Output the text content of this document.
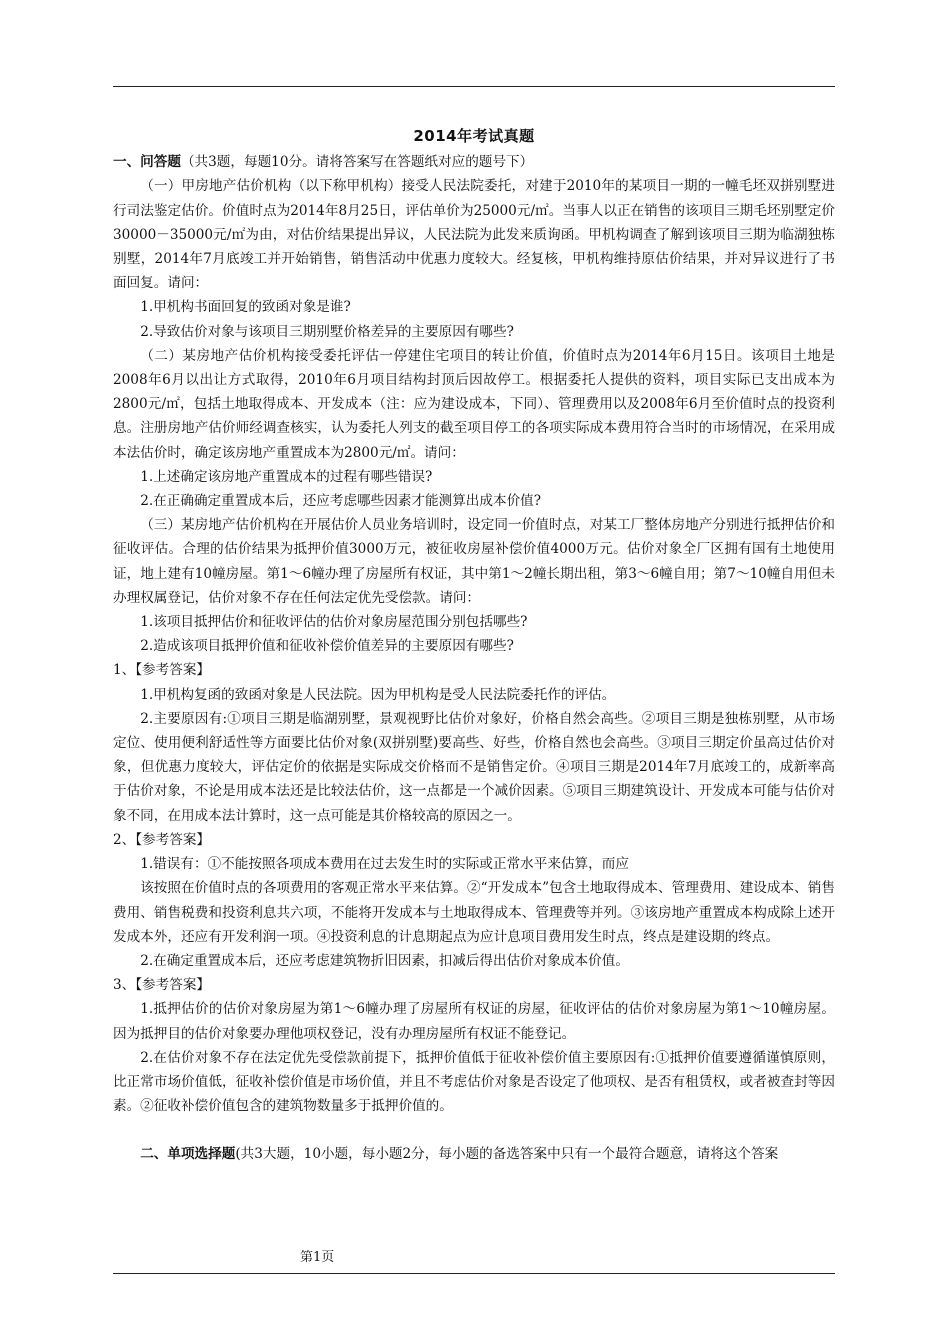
2014年考试真题

一、问答题（共3题，每题10分。请将答案写在答题纸对应的题号下）

（一）甲房地产估价机构（以下称甲机构）接受人民法院委托，对建于2010年的某项目一期的一幢毛坯双拼别墅进行司法鉴定估价。价值时点为2014年8月25日，评估单价为25000元/㎡。当事人以正在销售的该项目三期毛坯别墅定价30000－35000元/㎡为由，对估价结果提出异议，人民法院为此发来质询函。甲机构调查了解到该项目三期为临湖独栋别墅，2014年7月底竣工并开始销售，销售活动中优惠力度较大。经复核，甲机构维持原估价结果，并对异议进行了书面回复。请问：

1.甲机构书面回复的致函对象是谁?

2.导致估价对象与该项目三期别墅价格差异的主要原因有哪些?

（二）某房地产估价机构接受委托评估一停建住宅项目的转让价值，价值时点为2014年6月15日。该项目土地是2008年6月以出让方式取得，2010年6月项目结构封顶后因故停工。根据委托人提供的资料，项目实际已支出成本为2800元/㎡，包括土地取得成本、开发成本（注：应为建设成本，下同）、管理费用以及2008年6月至价值时点的投资利息。注册房地产估价师经调查核实，认为委托人列支的截至项目停工的各项实际成本费用符合当时的市场情况，在采用成本法估价时，确定该房地产重置成本为2800元/㎡。请问：

1.上述确定该房地产重置成本的过程有哪些错误?

2.在正确确定重置成本后，还应考虑哪些因素才能测算出成本价值?

（三）某房地产估价机构在开展估价人员业务培训时，设定同一价值时点，对某工厂整体房地产分别进行抵押估价和征收评估。合理的估价结果为抵押价值3000万元，被征收房屋补偿价值4000万元。估价对象全厂区拥有国有土地使用证，地上建有10幢房屋。第1～6幢办理了房屋所有权证，其中第1～2幢长期出租，第3～6幢自用；第7～10幢自用但未办理权属登记，估价对象不存在任何法定优先受偿款。请问：

1.该项目抵押估价和征收评估的估价对象房屋范围分别包括哪些?

2.造成该项目抵押价值和征收补偿价值差异的主要原因有哪些?

1、【参考答案】

1.甲机构复函的致函对象是人民法院。因为甲机构是受人民法院委托作的评估。

2.主要原因有:①项目三期是临湖别墅，景观视野比估价对象好，价格自然会高些。②项目三期是独栋别墅，从市场定位、使用便利舒适性等方面要比估价对象(双拼别墅)要高些、好些，价格自然也会高些。③项目三期定价虽高过估价对象，但优惠力度较大，评估定价的依据是实际成交价格而不是销售定价。④项目三期是2014年7月底竣工的，成新率高于估价对象，不论是用成本法还是比较法估价，这一点都是一个减价因素。⑤项目三期建筑设计、开发成本可能与估价对象不同，在用成本法计算时，这一点可能是其价格较高的原因之一。

2、【参考答案】

1.错误有：①不能按照各项成本费用在过去发生时的实际或正常水平来估算，而应

该按照在价值时点的各项费用的客观正常水平来估算。②“开发成本”包含土地取得成本、管理费用、建设成本、销售费用、销售税费和投资利息共六项，不能将开发成本与土地取得成本、管理费等并列。③该房地产重置成本构成除上述开发成本外，还应有开发利润一项。④投资利息的计息期起点为应计息项目费用发生时点，终点是建设期的终点。

2.在确定重置成本后，还应考虑建筑物折旧因素，扣减后得出估价对象成本价值。

3、【参考答案】

1.抵押估价的估价对象房屋为第1～6幢办理了房屋所有权证的房屋，征收评估的估价对象房屋为第1～10幢房屋。因为抵押目的估价对象要办理他项权登记，没有办理房屋所有权证不能登记。

2.在估价对象不存在法定优先受偿款前提下，抵押价值低于征收补偿价值主要原因有:①抵押价值要遵循谨慎原则，比正常市场价值低，征收补偿价值是市场价值，并且不考虑估价对象是否设定了他项权、是否有租赁权，或者被查封等因素。②征收补偿价值包含的建筑物数量多于抵押价值的。

二、单项选择题(共3大题，10小题，每小题2分，每小题的备选答案中只有一个最符合题意，请将这个答案

第1页
